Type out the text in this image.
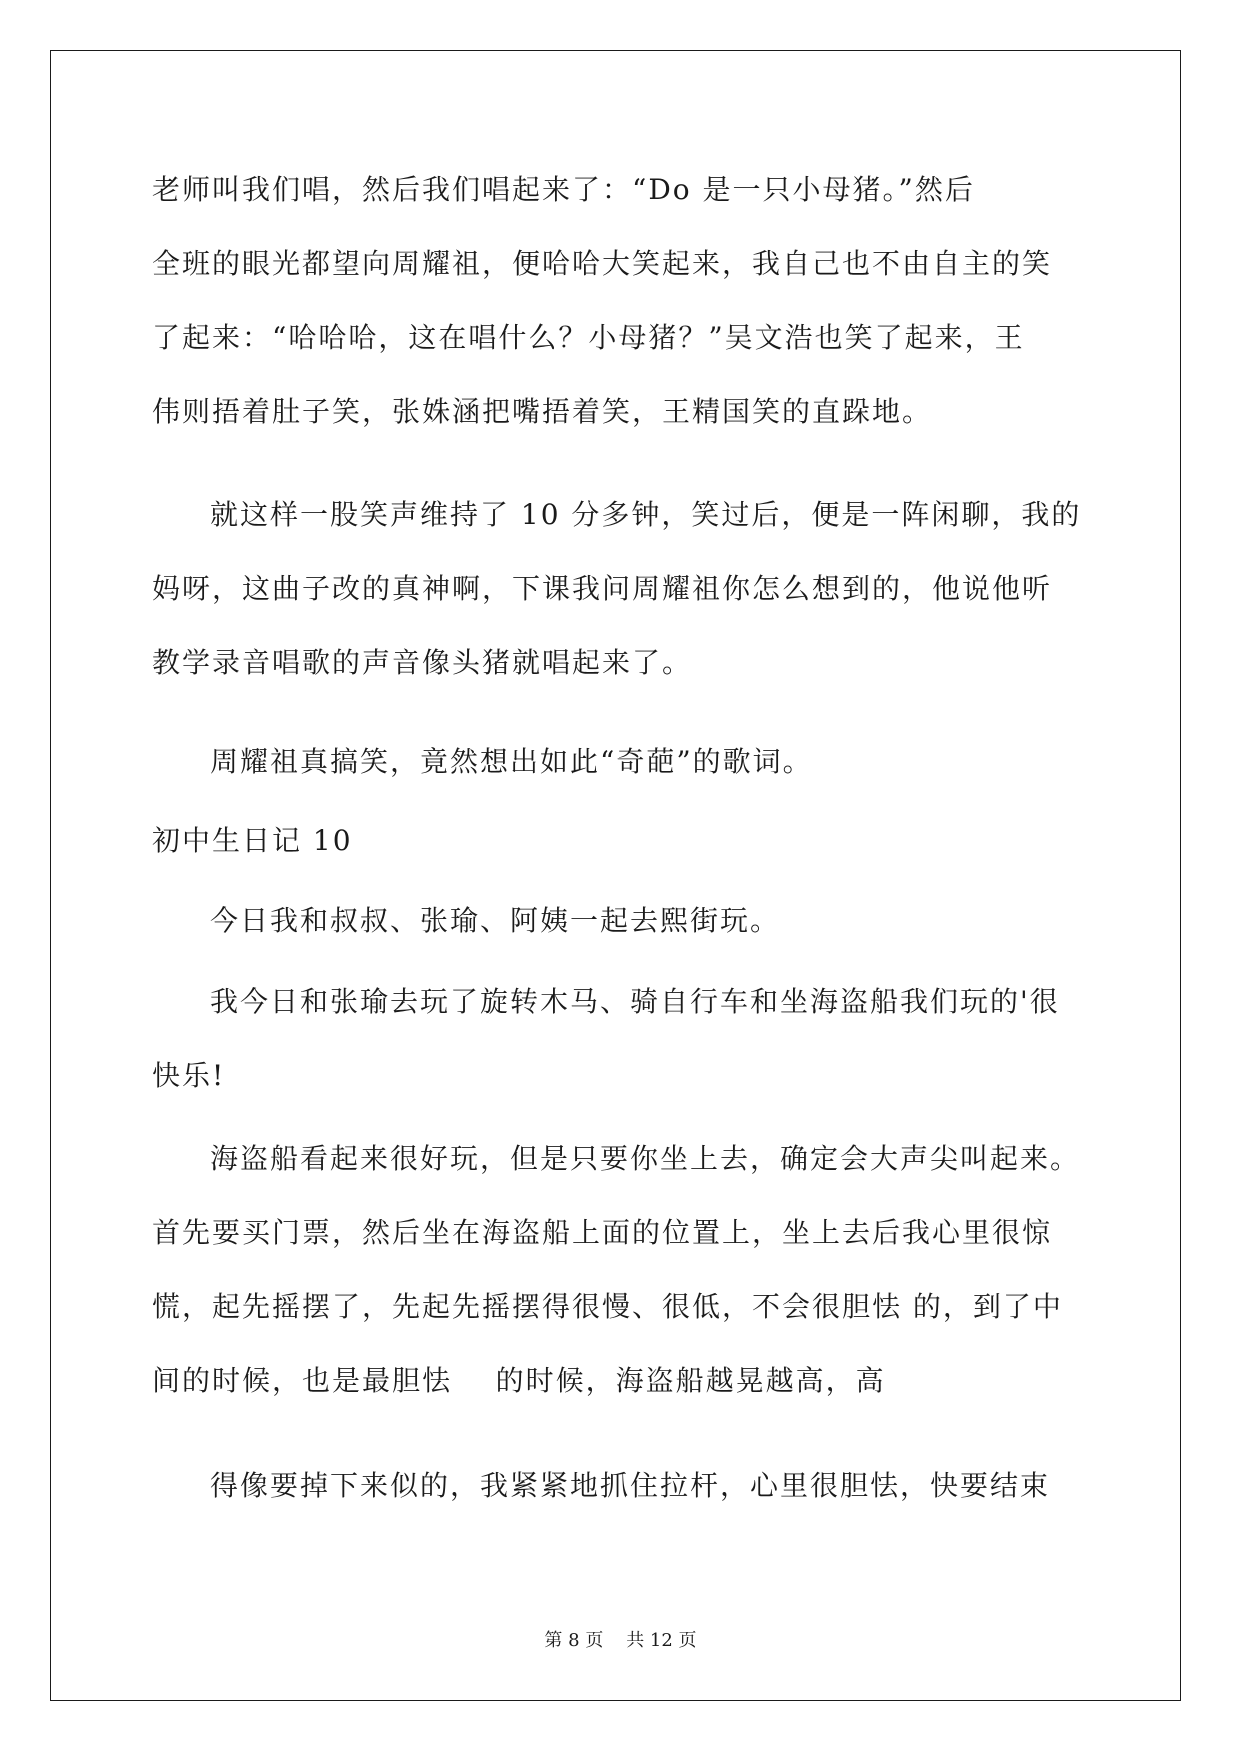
老师叫我们唱，然后我们唱起来了：“Do 是一只小母猪。”然后
全班的眼光都望向周耀祖，便哈哈大笑起来，我自己也不由自主的笑
了起来：“哈哈哈，这在唱什么？小母猪？”吴文浩也笑了起来，王
伟则捂着肚子笑，张姝涵把嘴捂着笑，王精国笑的直跺地。
就这样一股笑声维持了 10 分多钟，笑过后，便是一阵闲聊，我的
妈呀，这曲子改的真神啊，下课我问周耀祖你怎么想到的，他说他听
教学录音唱歌的声音像头猪就唱起来了。
周耀祖真搞笑，竟然想出如此“奇葩”的歌词。
初中生日记 10
今日我和叔叔、张瑜、阿姨一起去熙街玩。
我今日和张瑜去玩了旋转木马、骑自行车和坐海盗船我们玩的'很
快乐!
海盗船看起来很好玩，但是只要你坐上去，确定会大声尖叫起来。
首先要买门票，然后坐在海盗船上面的位置上，坐上去后我心里很惊
慌，起先摇摆了，先起先摇摆得很慢、很低，不会很胆怯 的，到了中
间的时候，也是最胆怯    的时候，海盗船越晃越高，高
得像要掉下来似的，我紧紧地抓住拉杆，心里很胆怯，快要结束
第 8 页    共 12 页
